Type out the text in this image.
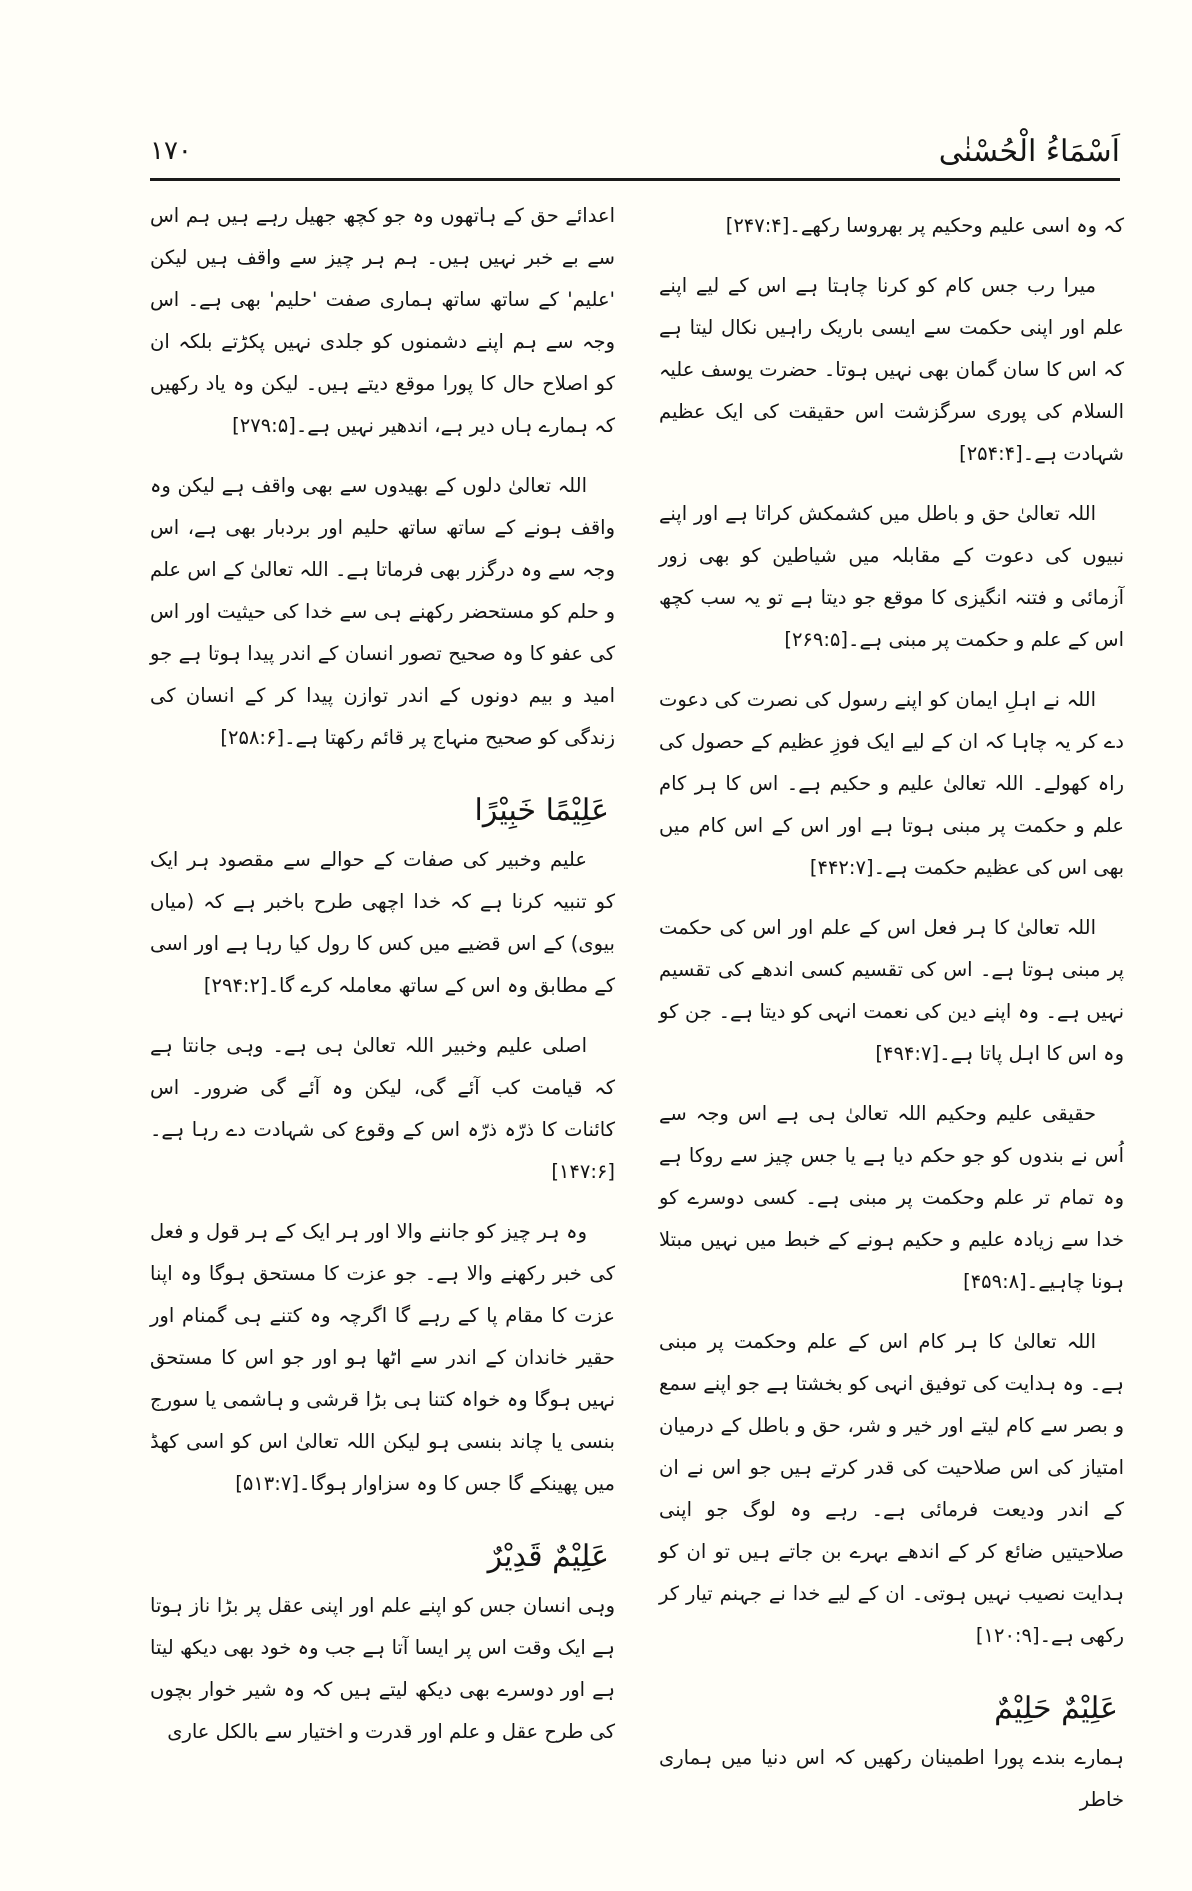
اَسْمَاءُ الْحُسْنٰی
۱۷۰

کہ وہ اسی علیم وحکیم پر بھروسا رکھے۔[۲۴۷:۴]

میرا رب جس کام کو کرنا چاہتا ہے اس کے لیے اپنے علم اور اپنی حکمت سے ایسی باریک راہیں نکال لیتا ہے کہ اس کا سان گمان بھی نہیں ہوتا۔ حضرت یوسف علیہ السلام کی پوری سرگزشت اس حقیقت کی ایک عظیم شہادت ہے۔[۲۵۴:۴]

اللہ تعالیٰ حق و باطل میں کشمکش کراتا ہے اور اپنے نبیوں کی دعوت کے مقابلہ میں شیاطین کو بھی زور آزمائی و فتنہ انگیزی کا موقع جو دیتا ہے تو یہ سب کچھ اس کے علم و حکمت پر مبنی ہے۔[۲۶۹:۵]

اللہ نے اہلِ ایمان کو اپنے رسول کی نصرت کی دعوت دے کر یہ چاہا کہ ان کے لیے ایک فوزِ عظیم کے حصول کی راہ کھولے۔ اللہ تعالیٰ علیم و حکیم ہے۔ اس کا ہر کام علم و حکمت پر مبنی ہوتا ہے اور اس کے اس کام میں بھی اس کی عظیم حکمت ہے۔[۴۴۲:۷]

اللہ تعالیٰ کا ہر فعل اس کے علم اور اس کی حکمت پر مبنی ہوتا ہے۔ اس کی تقسیم کسی اندھے کی تقسیم نہیں ہے۔ وہ اپنے دین کی نعمت انہی کو دیتا ہے۔ جن کو وہ اس کا اہل پاتا ہے۔[۴۹۴:۷]

حقیقی علیم وحکیم اللہ تعالیٰ ہی ہے اس وجہ سے اُس نے بندوں کو جو حکم دیا ہے یا جس چیز سے روکا ہے وہ تمام تر علم وحکمت پر مبنی ہے۔ کسی دوسرے کو خدا سے زیادہ علیم و حکیم ہونے کے خبط میں نہیں مبتلا ہونا چاہیے۔[۴۵۹:۸]

اللہ تعالیٰ کا ہر کام اس کے علم وحکمت پر مبنی ہے۔ وہ ہدایت کی توفیق انہی کو بخشتا ہے جو اپنے سمع و بصر سے کام لیتے اور خیر و شر، حق و باطل کے درمیان امتیاز کی اس صلاحیت کی قدر کرتے ہیں جو اس نے ان کے اندر ودیعت فرمائی ہے۔ رہے وہ لوگ جو اپنی صلاحیتیں ضائع کر کے اندھے بہرے بن جاتے ہیں تو ان کو ہدایت نصیب نہیں ہوتی۔ ان کے لیے خدا نے جہنم تیار کر رکھی ہے۔[۱۲۰:۹]

عَلِیْمٌ حَلِیْمٌ

ہمارے بندے پورا اطمینان رکھیں کہ اس دنیا میں ہماری خاطر

اعدائے حق کے ہاتھوں وہ جو کچھ جھیل رہے ہیں ہم اس سے بے خبر نہیں ہیں۔ ہم ہر چیز سے واقف ہیں لیکن 'علیم' کے ساتھ ساتھ ہماری صفت 'حلیم' بھی ہے۔ اس وجہ سے ہم اپنے دشمنوں کو جلدی نہیں پکڑتے بلکہ ان کو اصلاح حال کا پورا موقع دیتے ہیں۔ لیکن وہ یاد رکھیں کہ ہمارے ہاں دیر ہے، اندھیر نہیں ہے۔[۲۷۹:۵]

اللہ تعالیٰ دلوں کے بھیدوں سے بھی واقف ہے لیکن وہ واقف ہونے کے ساتھ ساتھ حلیم اور بردبار بھی ہے، اس وجہ سے وہ درگزر بھی فرماتا ہے۔ اللہ تعالیٰ کے اس علم و حلم کو مستحضر رکھنے ہی سے خدا کی حیثیت اور اس کی عفو کا وہ صحیح تصور انسان کے اندر پیدا ہوتا ہے جو امید و بیم دونوں کے اندر توازن پیدا کر کے انسان کی زندگی کو صحیح منہاج پر قائم رکھتا ہے۔[۲۵۸:۶]

عَلِیْمًا خَبِیْرًا

علیم وخبیر کی صفات کے حوالے سے مقصود ہر ایک کو تنبیہ کرنا ہے کہ خدا اچھی طرح باخبر ہے کہ (میاں بیوی) کے اس قضیے میں کس کا رول کیا رہا ہے اور اسی کے مطابق وہ اس کے ساتھ معاملہ کرے گا۔[۲۹۴:۲]

اصلی علیم وخبیر اللہ تعالیٰ ہی ہے۔ وہی جانتا ہے کہ قیامت کب آئے گی، لیکن وہ آئے گی ضرور۔ اس کائنات کا ذرّہ ذرّہ اس کے وقوع کی شہادت دے رہا ہے۔[۱۴۷:۶]

وہ ہر چیز کو جاننے والا اور ہر ایک کے ہر قول و فعل کی خبر رکھنے والا ہے۔ جو عزت کا مستحق ہوگا وہ اپنا عزت کا مقام پا کے رہے گا اگرچہ وہ کتنے ہی گمنام اور حقیر خاندان کے اندر سے اٹھا ہو اور جو اس کا مستحق نہیں ہوگا وہ خواہ کتنا ہی بڑا قرشی و ہاشمی یا سورج بنسی یا چاند بنسی ہو لیکن اللہ تعالیٰ اس کو اسی کھڈ میں پھینکے گا جس کا وہ سزاوار ہوگا۔[۵۱۳:۷]

عَلِیْمٌ قَدِیْرٌ

وہی انسان جس کو اپنے علم اور اپنی عقل پر بڑا ناز ہوتا ہے ایک وقت اس پر ایسا آتا ہے جب وہ خود بھی دیکھ لیتا ہے اور دوسرے بھی دیکھ لیتے ہیں کہ وہ شیر خوار بچوں کی طرح عقل و علم اور قدرت و اختیار سے بالکل عاری
